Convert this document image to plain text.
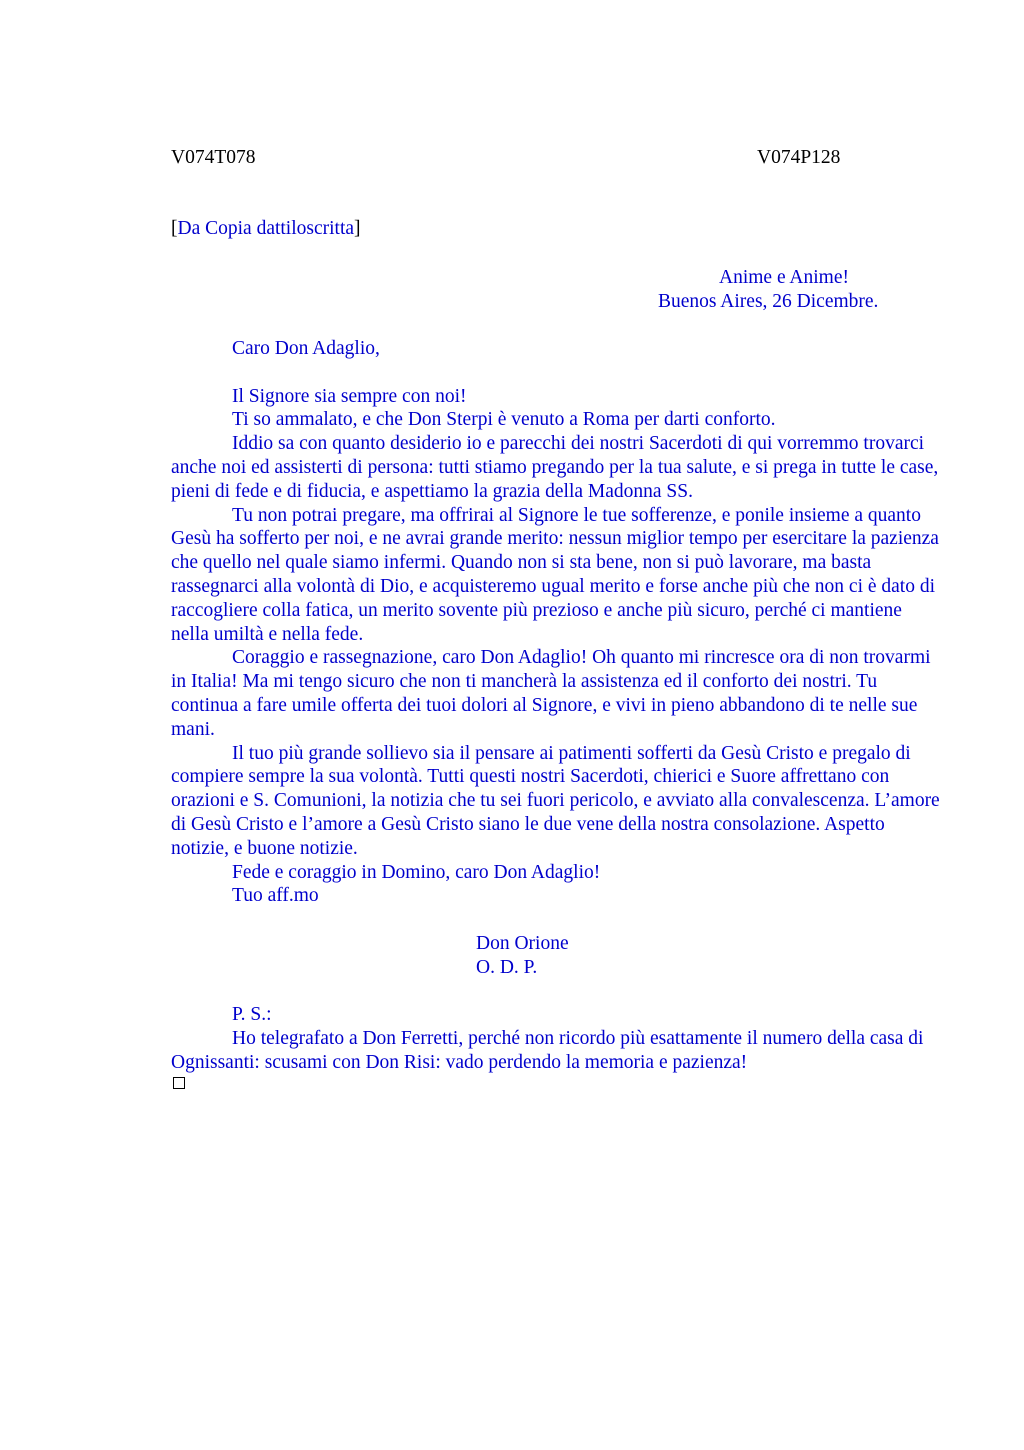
V074T078	V074P128
[Da Copia dattiloscritta]
Anime e Anime!
Buenos Aires, 26 Dicembre.
Caro Don Adaglio,
Il Signore sia sempre con noi!

Ti so ammalato, e che Don Sterpi è venuto a Roma per darti conforto.

Iddio sa con quanto desiderio io e parecchi dei nostri Sacerdoti di qui vorremmo trovarci anche noi ed assisterti di persona: tutti stiamo pregando per la tua salute, e si prega in tutte le case, pieni di fede e di fiducia, e aspettiamo la grazia della Madonna SS.

Tu non potrai pregare, ma offrirai al Signore le tue sofferenze, e ponile insieme a quanto Gesù ha sofferto per noi, e ne avrai grande merito: nessun miglior tempo per esercitare la pazienza che quello nel quale siamo infermi. Quando non si sta bene, non si può lavorare, ma basta rassegnarci alla volontà di Dio, e acquisteremo ugual merito e forse anche più che non ci è dato di raccogliere colla fatica, un merito sovente più prezioso e anche più sicuro, perché ci mantiene nella umiltà e nella fede.

Coraggio e rassegnazione, caro Don Adaglio! Oh quanto mi rincresce ora di non trovarmi in Italia! Ma mi tengo sicuro che non ti mancherà la assistenza ed il conforto dei nostri. Tu continua a fare umile offerta dei tuoi dolori al Signore, e vivi in pieno abbandono di te nelle sue mani.

Il tuo più grande sollievo sia il pensare ai patimenti sofferti da Gesù Cristo e pregalo di compiere sempre la sua volontà. Tutti questi nostri Sacerdoti, chierici e Suore affrettano con orazioni e S. Comunioni, la notizia che tu sei fuori pericolo, e avviato alla convalescenza. L’amore di Gesù Cristo e l’amore a Gesù Cristo siano le due vene della nostra consolazione. Aspetto notizie, e buone notizie.

Fede e coraggio in Domino, caro Don Adaglio!
Tuo aff.mo
Don Orione
O. D. P.
P. S.:

Ho telegrafato a Don Ferretti, perché non ricordo più esattamente il numero della casa di Ognissanti: scusami con Don Risi: vado perdendo la memoria e pazienza!
